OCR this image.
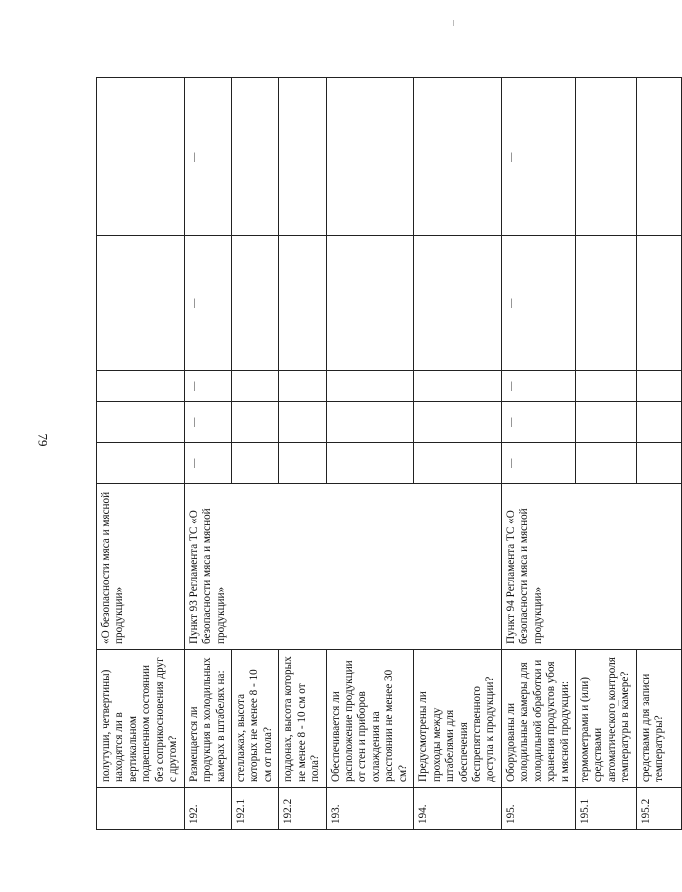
79
	полутуши, четвертины) находятся ли в вертикальном подвешенном состоянии без соприкосновения друг с другом?	«О безопасности мяса и мясной продукции»					
192.	Размещается ли продукция в холодильных камерах в штабелях на:	Пункт 93 Регламента ТС «О безопасности мяса и мясной продукции»	|	|	|	|	|
192.1	стеллажах, высота которых не менее 8 - 10 см от пола?						
192.2	поддонах, высота которых не менее 8 - 10 см от пола?						
193.	Обеспечивается ли расположение продукции от стен и приборов охлаждения на расстоянии не менее 30 см?						
194.	Предусмотрены ли проходы между штабелями для обеспечения беспрепятственного доступа к продукции?						
195.	Оборудованы ли холодильные камеры для холодильной обработки и хранения продуктов убоя и мясной продукции:	Пункт 94 Регламента ТС «О безопасности мяса и мясной продукции»	|	|	|	|	|
195.1	термометрами и (или) средствами автоматического контроля температуры в камере?						
195.2	средствами для записи температуры?						
